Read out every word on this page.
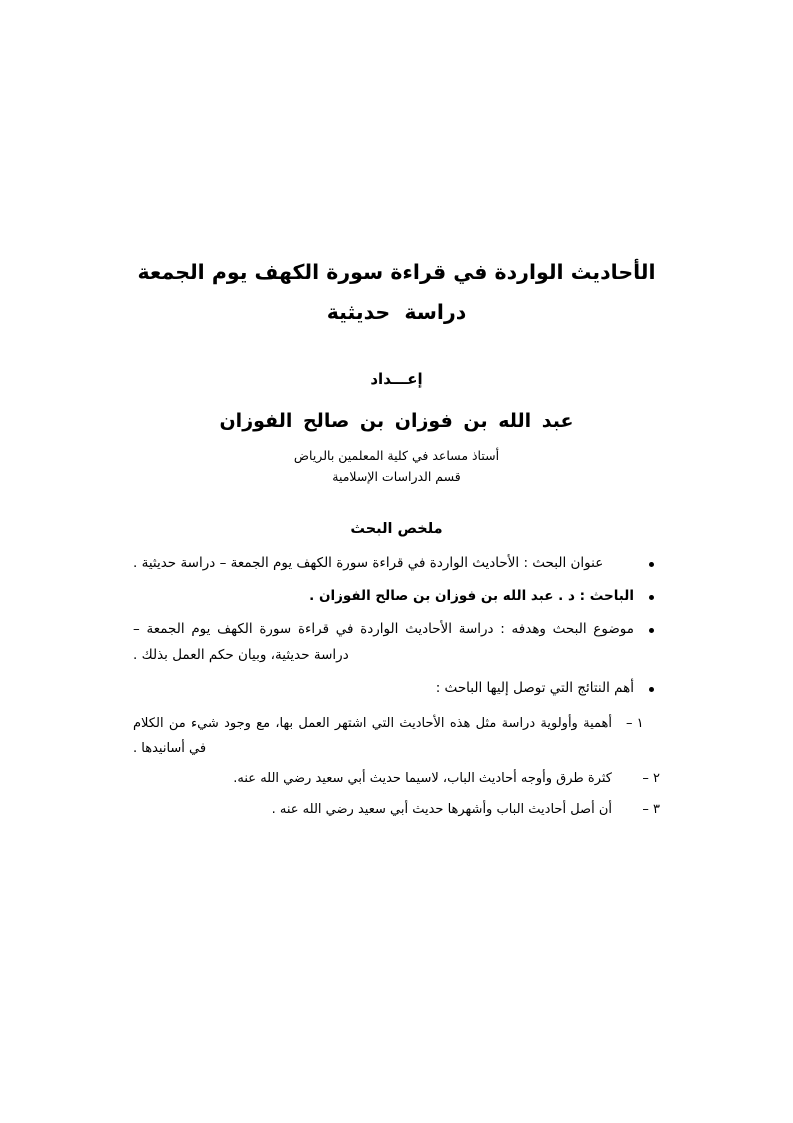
الأحاديث الواردة في قراءة سورة الكهف يوم الجمعة
دراسة حديثية

إعـــداد

عبد الله بن فوزان بن صالح الفوزان

أستاذ مساعد في كلية المعلمين بالرياض

قسم الدراسات الإسلامية

ملخص البحث
عنوان البحث : الأحاديث الواردة في قراءة سورة الكهف يوم الجمعة – دراسة حديثية .
الباحث : د . عبد الله بن فوزان بن صالح الفوزان .
موضوع البحث وهدفه : دراسة الأحاديث الواردة في قراءة سورة الكهف يوم الجمعة – دراسة حديثية، وبيان حكم العمل بذلك .
أهم النتائج التي توصل إليها الباحث :
١ –
أهمية وأولوية دراسة مثل هذه الأحاديث التي اشتهر العمل بها، مع وجود شيء من الكلام في أسانيدها .
٢ –
كثرة طرق وأوجه أحاديث الباب، لاسيما حديث أبي سعيد رضي الله عنه.
٣ –
أن أصل أحاديث الباب وأشهرها حديث أبي سعيد رضي الله عنه .
